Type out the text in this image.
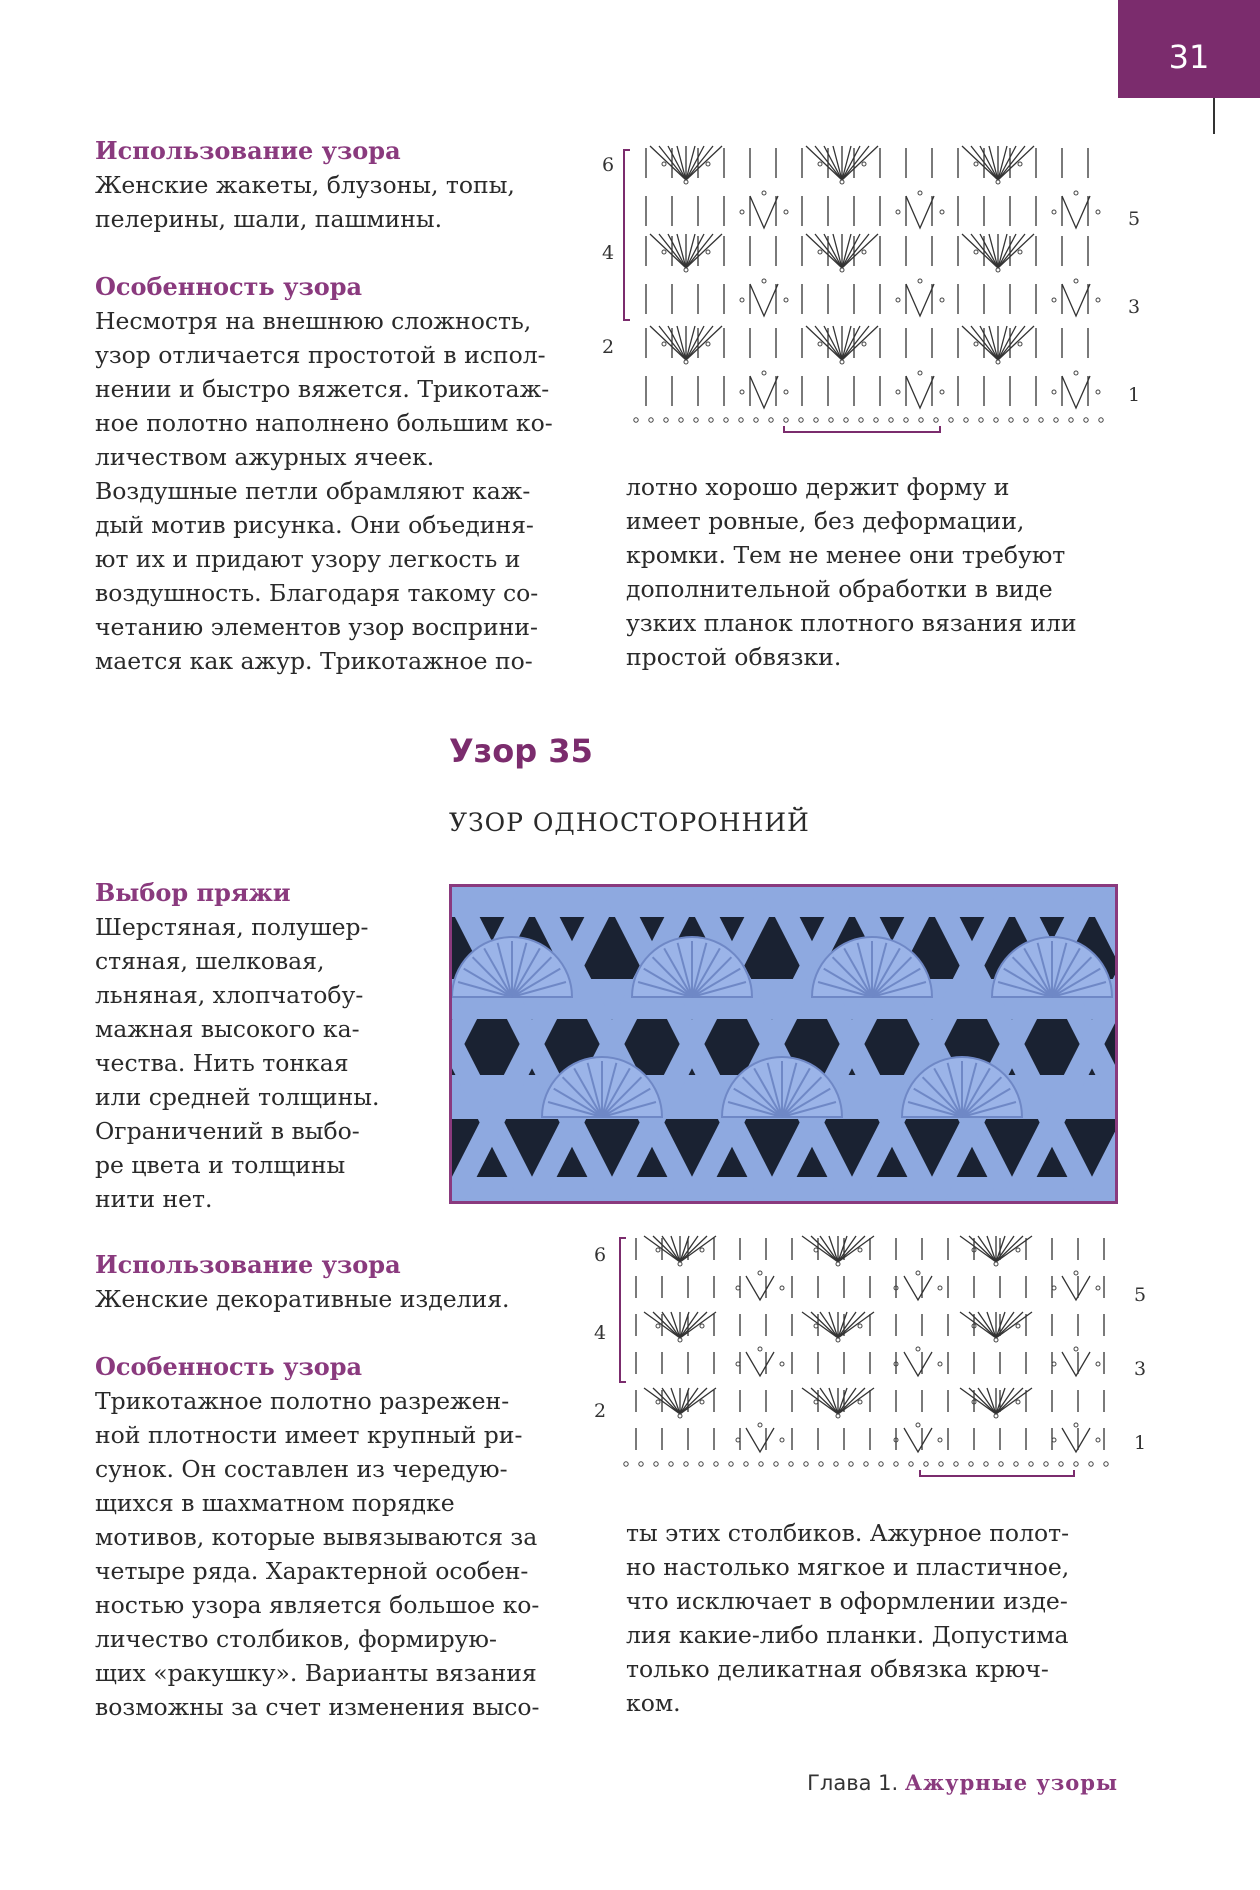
31

Использование узора

Женские жакеты, блузоны, топы,

пелерины, шали, пашмины.

Особенность узора

Несмотря на внешнюю сложность,

узор отличается простотой в испол-

нении и быстро вяжется. Трикотаж-

ное полотно наполнено большим ко-

личеством ажурных ячеек.

Воздушные петли обрамляют каж-

дый мотив рисунка. Они объединя-

ют их и придают узору легкость и

воздушность. Благодаря такому со-

четанию элементов узор восприни-

мается как ажур. Трикотажное по-

6
4
2
5
3
1

лотно хорошо держит форму и

имеет ровные, без деформации,

кромки. Тем не менее они требуют

дополнительной обработки в виде

узких планок плотного вязания или

простой обвязки.

Узор 35
УЗОР ОДНОСТОРОННИЙ

Выбор пряжи

Шерстяная, полушер-

стяная, шелковая,

льняная, хлопчатобу-

мажная высокого ка-

чества. Нить тонкая

или средней толщины.

Ограничений в выбо-

ре цвета и толщины

нити нет.

Использование узора

Женские декоративные изделия.

Особенность узора

Трикотажное полотно разрежен-

ной плотности имеет крупный ри-

сунок. Он составлен из чередую-

щихся в шахматном порядке

мотивов, которые вывязываются за

четыре ряда. Характерной особен-

ностью узора является большое ко-

личество столбиков, формирую-

щих «ракушку». Варианты вязания

возможны за счет изменения высо-

6
4
2
5
3
1

ты этих столбиков. Ажурное полот-

но настолько мягкое и пластичное,

что исключает в оформлении изде-

лия какие-либо планки. Допустима

только деликатная обвязка крюч-

ком.

Глава 1. Ажурные узоры
